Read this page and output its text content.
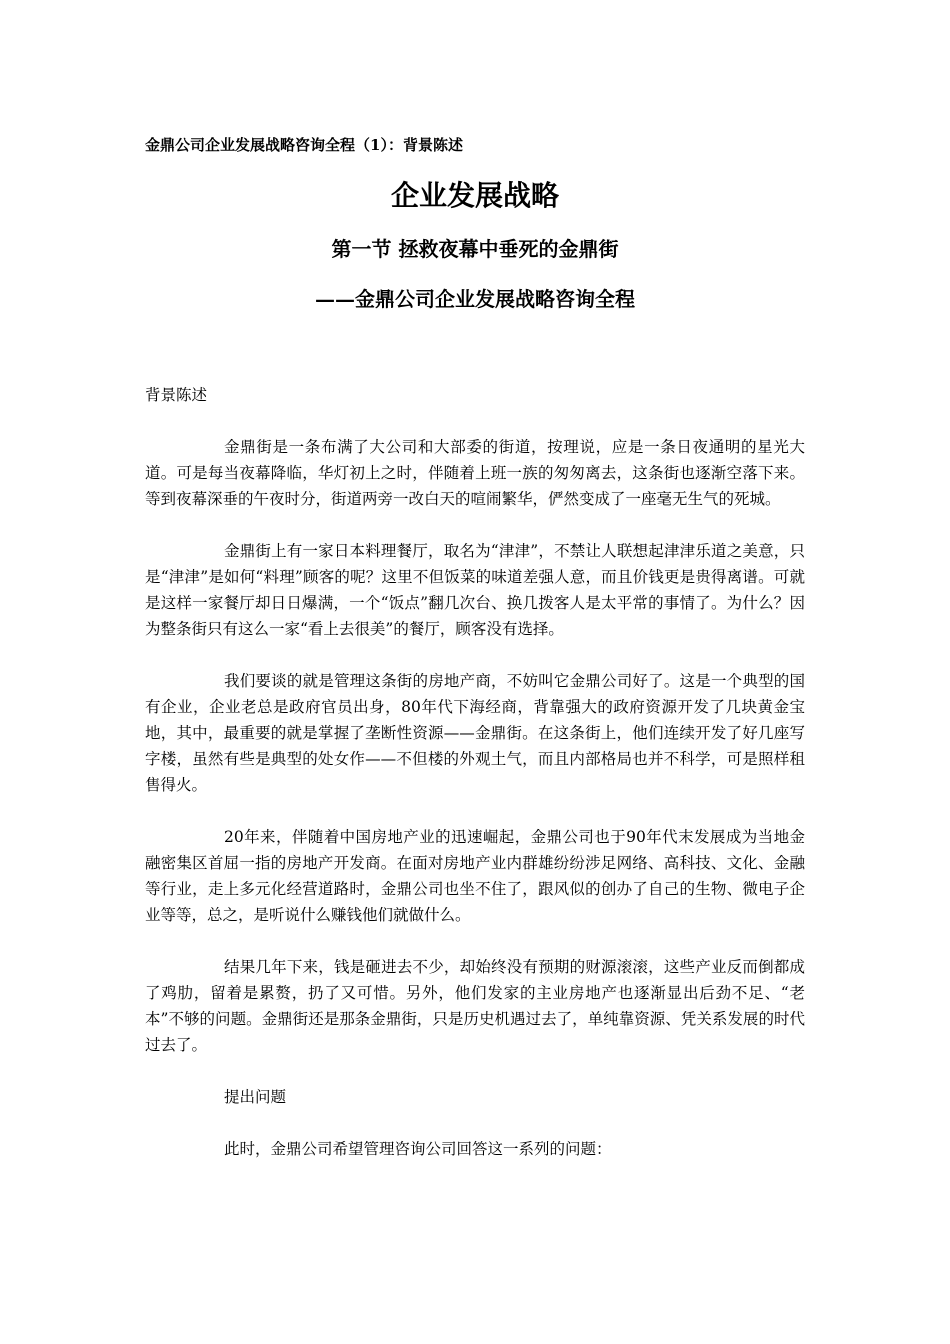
金鼎公司企业发展战略咨询全程（1）：背景陈述
企业发展战略
第一节 拯救夜幕中垂死的金鼎街
——金鼎公司企业发展战略咨询全程

背景陈述

金鼎街是一条布满了大公司和大部委的街道，按理说，应是一条日夜通明的星光大道。可是每当夜幕降临，华灯初上之时，伴随着上班一族的匆匆离去，这条街也逐渐空落下来。等到夜幕深垂的午夜时分，街道两旁一改白天的喧闹繁华，俨然变成了一座毫无生气的死城。

金鼎街上有一家日本料理餐厅，取名为“津津”，不禁让人联想起津津乐道之美意，只是“津津”是如何“料理”顾客的呢？这里不但饭菜的味道差强人意，而且价钱更是贵得离谱。可就是这样一家餐厅却日日爆满，一个“饭点”翻几次台、换几拨客人是太平常的事情了。为什么？因为整条街只有这么一家“看上去很美”的餐厅，顾客没有选择。

我们要谈的就是管理这条街的房地产商，不妨叫它金鼎公司好了。这是一个典型的国有企业，企业老总是政府官员出身，80年代下海经商，背靠强大的政府资源开发了几块黄金宝地，其中，最重要的就是掌握了垄断性资源——金鼎街。在这条街上，他们连续开发了好几座写字楼，虽然有些是典型的处女作——不但楼的外观土气，而且内部格局也并不科学，可是照样租售得火。

20年来，伴随着中国房地产业的迅速崛起，金鼎公司也于90年代末发展成为当地金融密集区首屈一指的房地产开发商。在面对房地产业内群雄纷纷涉足网络、高科技、文化、金融等行业，走上多元化经营道路时，金鼎公司也坐不住了，跟风似的创办了自己的生物、微电子企业等等，总之，是听说什么赚钱他们就做什么。

结果几年下来，钱是砸进去不少，却始终没有预期的财源滚滚，这些产业反而倒都成了鸡肋，留着是累赘，扔了又可惜。另外，他们发家的主业房地产也逐渐显出后劲不足、“老本”不够的问题。金鼎街还是那条金鼎街，只是历史机遇过去了，单纯靠资源、凭关系发展的时代过去了。

提出问题

此时，金鼎公司希望管理咨询公司回答这一系列的问题：
